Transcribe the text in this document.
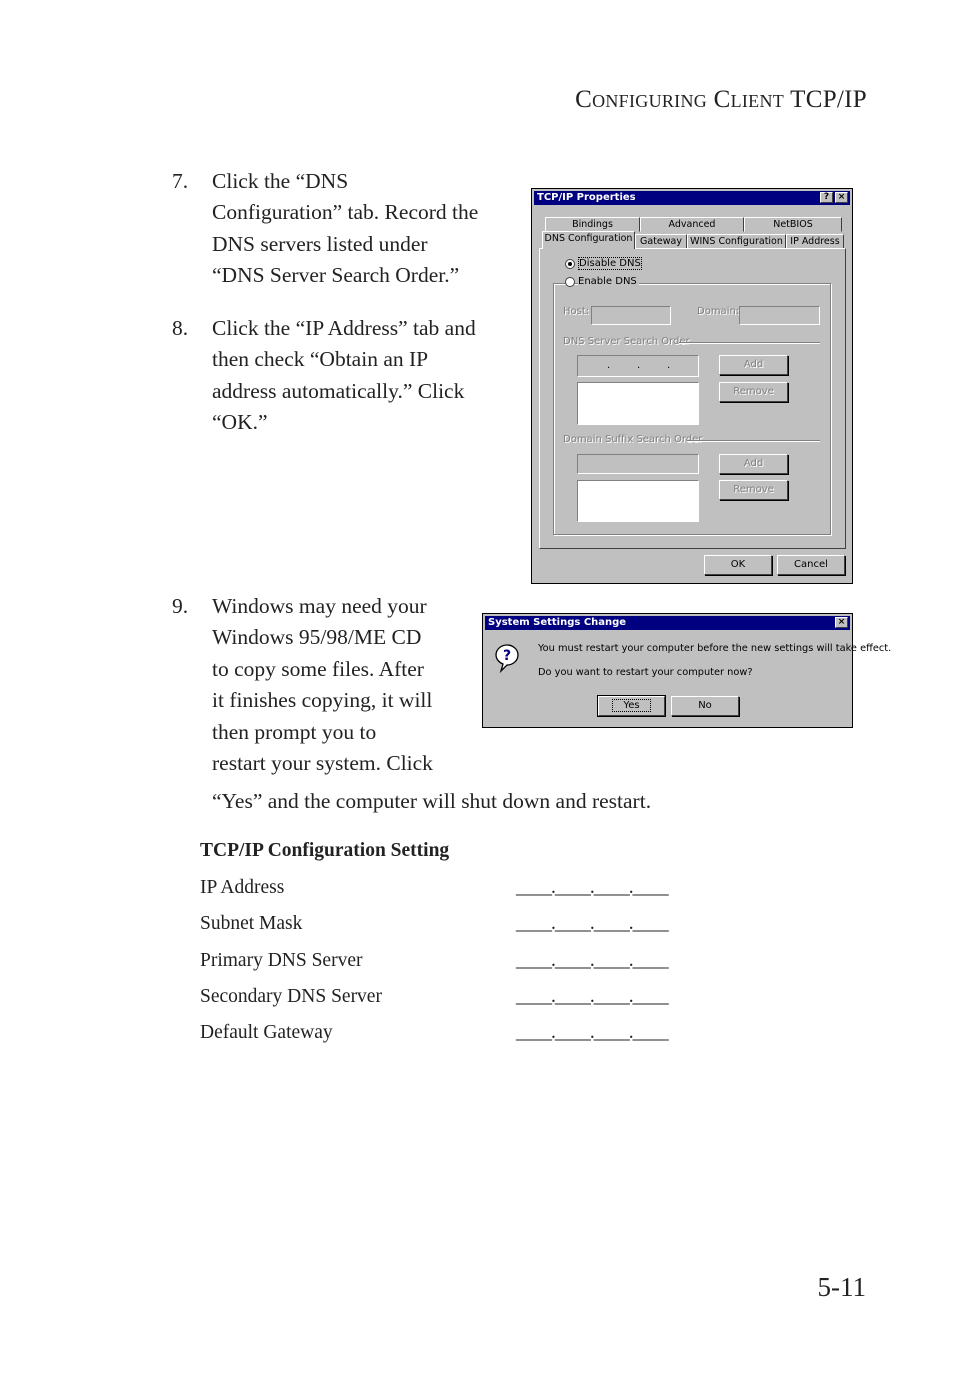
Configuring Client TCP/IP
7. Click the “DNS
Configuration” tab. Record the
DNS servers listed under
“DNS Server Search Order.”
8. Click the “IP Address” tab and
then check “Obtain an IP
address automatically.” Click
“OK.”
9. Windows may need your
Windows 95/98/ME CD
to copy some files. After
it finishes copying, it will
then prompt you to
restart your system. Click
“Yes” and the computer will shut down and restart.
TCP/IP Properties	? ×
Bindings	Advanced	NetBIOS
DNS Configuration Gateway WINS Configuration IP Address
Disable DNS
Enable DNS
Host:	Domain:
DNS Server Search Order
.	.	.	Add
Remove
Domain Suffix Search Order
Add
Remove
OK	Cancel
System Settings Change	×
?	You must restart your computer before the new settings will take effect.
Do you want to restart your computer now?
Yes	No
TCP/IP Configuration Setting
IP Address	____.____.____.____
Subnet Mask	____.____.____.____
Primary DNS Server	____.____.____.____
Secondary DNS Server	____.____.____.____
Default Gateway	____.____.____.____
5-11
